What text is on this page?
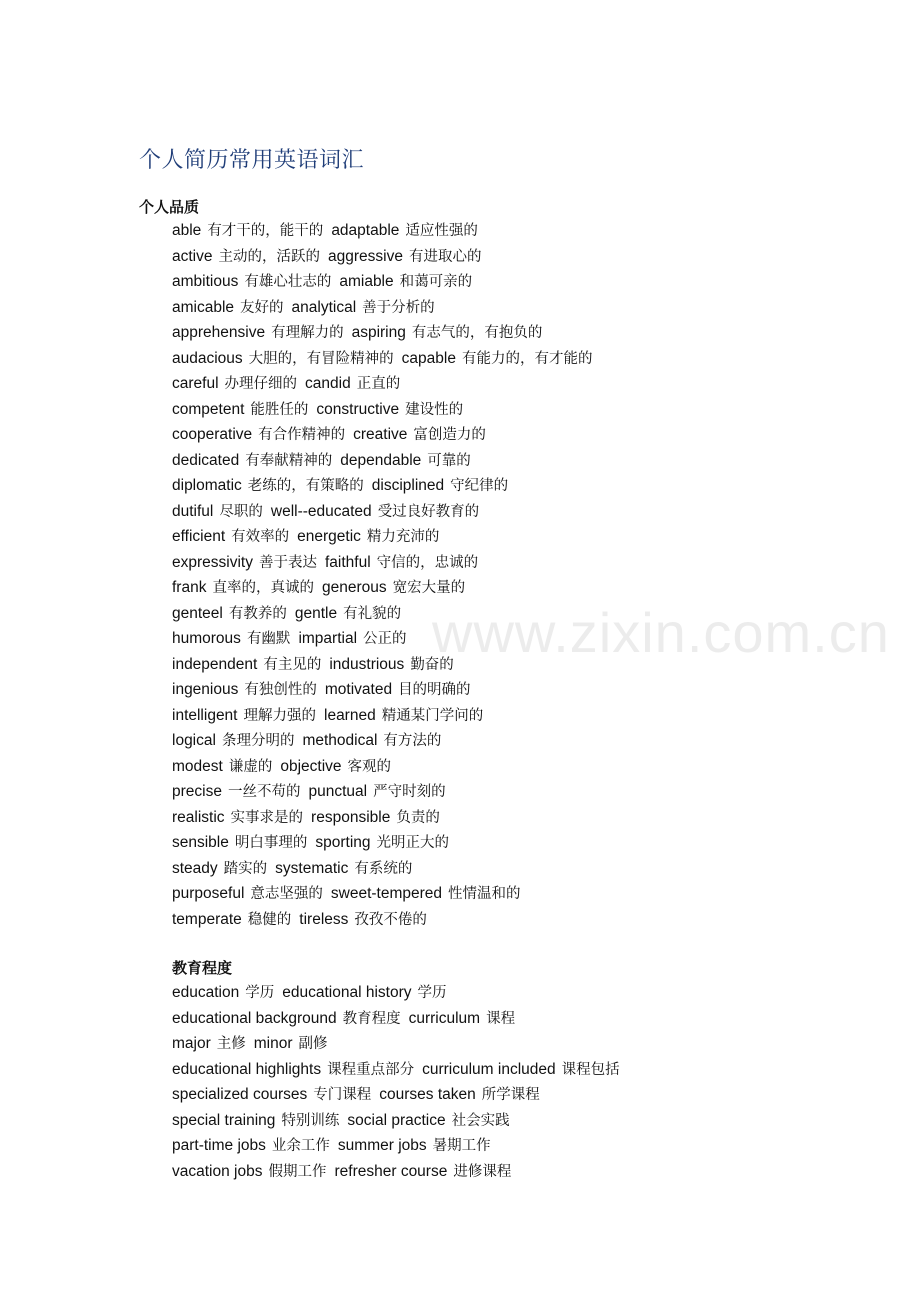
www.zixin.com.cn
个人简历常用英语词汇
个人品质
able 有才干的，能干的 adaptable 适应性强的
active 主动的，活跃的 aggressive 有进取心的
ambitious 有雄心壮志的 amiable 和蔼可亲的
amicable 友好的 analytical 善于分析的
apprehensive 有理解力的 aspiring 有志气的，有抱负的
audacious 大胆的，有冒险精神的 capable 有能力的，有才能的
careful 办理仔细的 candid 正直的
competent 能胜任的 constructive 建设性的
cooperative 有合作精神的 creative 富创造力的
dedicated 有奉献精神的 dependable 可靠的
diplomatic 老练的，有策略的 disciplined 守纪律的
dutiful 尽职的 well--educated 受过良好教育的
efficient 有效率的 energetic 精力充沛的
expressivity 善于表达 faithful 守信的，忠诚的
frank 直率的，真诚的 generous 宽宏大量的
genteel 有教养的 gentle 有礼貌的
humorous 有幽默 impartial 公正的
independent 有主见的 industrious 勤奋的
ingenious 有独创性的 motivated 目的明确的
intelligent 理解力强的 learned 精通某门学问的
logical 条理分明的 methodical 有方法的
modest 谦虚的 objective 客观的
precise 一丝不苟的 punctual 严守时刻的
realistic 实事求是的 responsible 负责的
sensible 明白事理的 sporting 光明正大的
steady 踏实的 systematic 有系统的
purposeful 意志坚强的 sweet-tempered 性情温和的
temperate 稳健的 tireless 孜孜不倦的
教育程度
education 学历 educational history 学历
educational background 教育程度 curriculum 课程
major 主修 minor 副修
educational highlights 课程重点部分 curriculum included 课程包括
specialized courses 专门课程 courses taken 所学课程
special training 特别训练 social practice 社会实践
part-time jobs 业余工作 summer jobs 暑期工作
vacation jobs 假期工作 refresher course 进修课程
